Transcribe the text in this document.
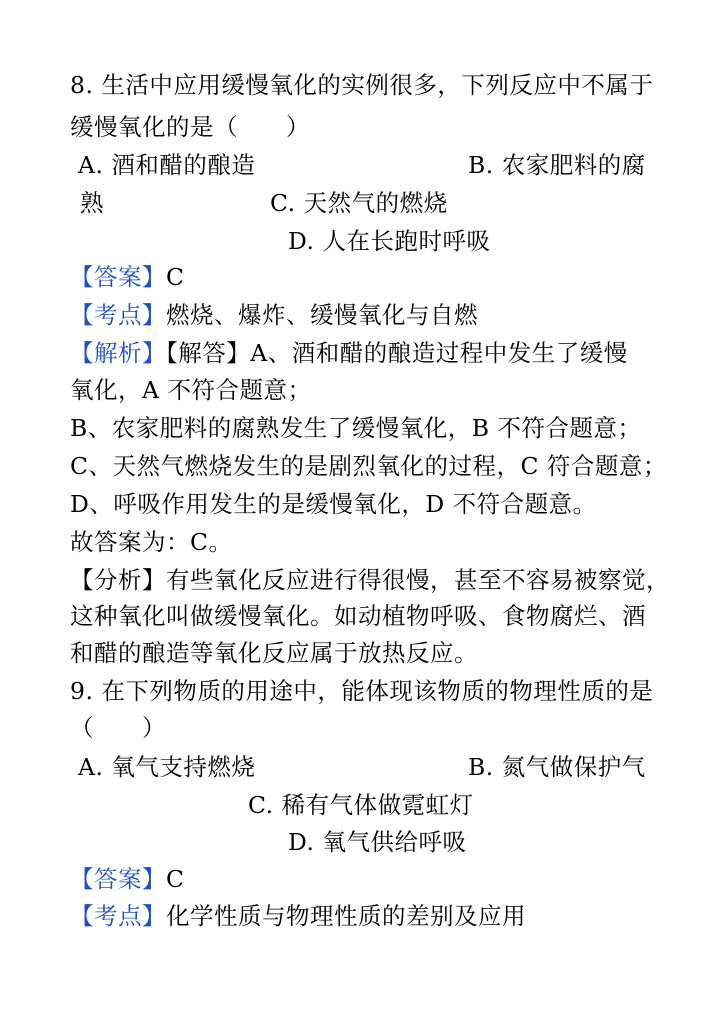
8. 生活中应用缓慢氧化的实例很多，下列反应中不属于
缓慢氧化的是（　　）
A. 酒和醋的酿造	B. 农家肥料的腐
熟	C. 天然气的燃烧
D. 人在长跑时呼吸
【答案】C
【考点】燃烧、爆炸、缓慢氧化与自燃
【解析】【解答】A、酒和醋的酿造过程中发生了缓慢
氧化，A 不符合题意；
B、农家肥料的腐熟发生了缓慢氧化，B 不符合题意；
C、天然气燃烧发生的是剧烈氧化的过程，C 符合题意；
D、呼吸作用发生的是缓慢氧化，D 不符合题意。
故答案为：C。
【分析】有些氧化反应进行得很慢，甚至不容易被察觉，
这种氧化叫做缓慢氧化。如动植物呼吸、食物腐烂、酒
和醋的酿造等氧化反应属于放热反应。
9. 在下列物质的用途中，能体现该物质的物理性质的是
（　　）
A. 氧气支持燃烧	B. 氮气做保护气
C. 稀有气体做霓虹灯
D. 氧气供给呼吸
【答案】C
【考点】化学性质与物理性质的差别及应用
